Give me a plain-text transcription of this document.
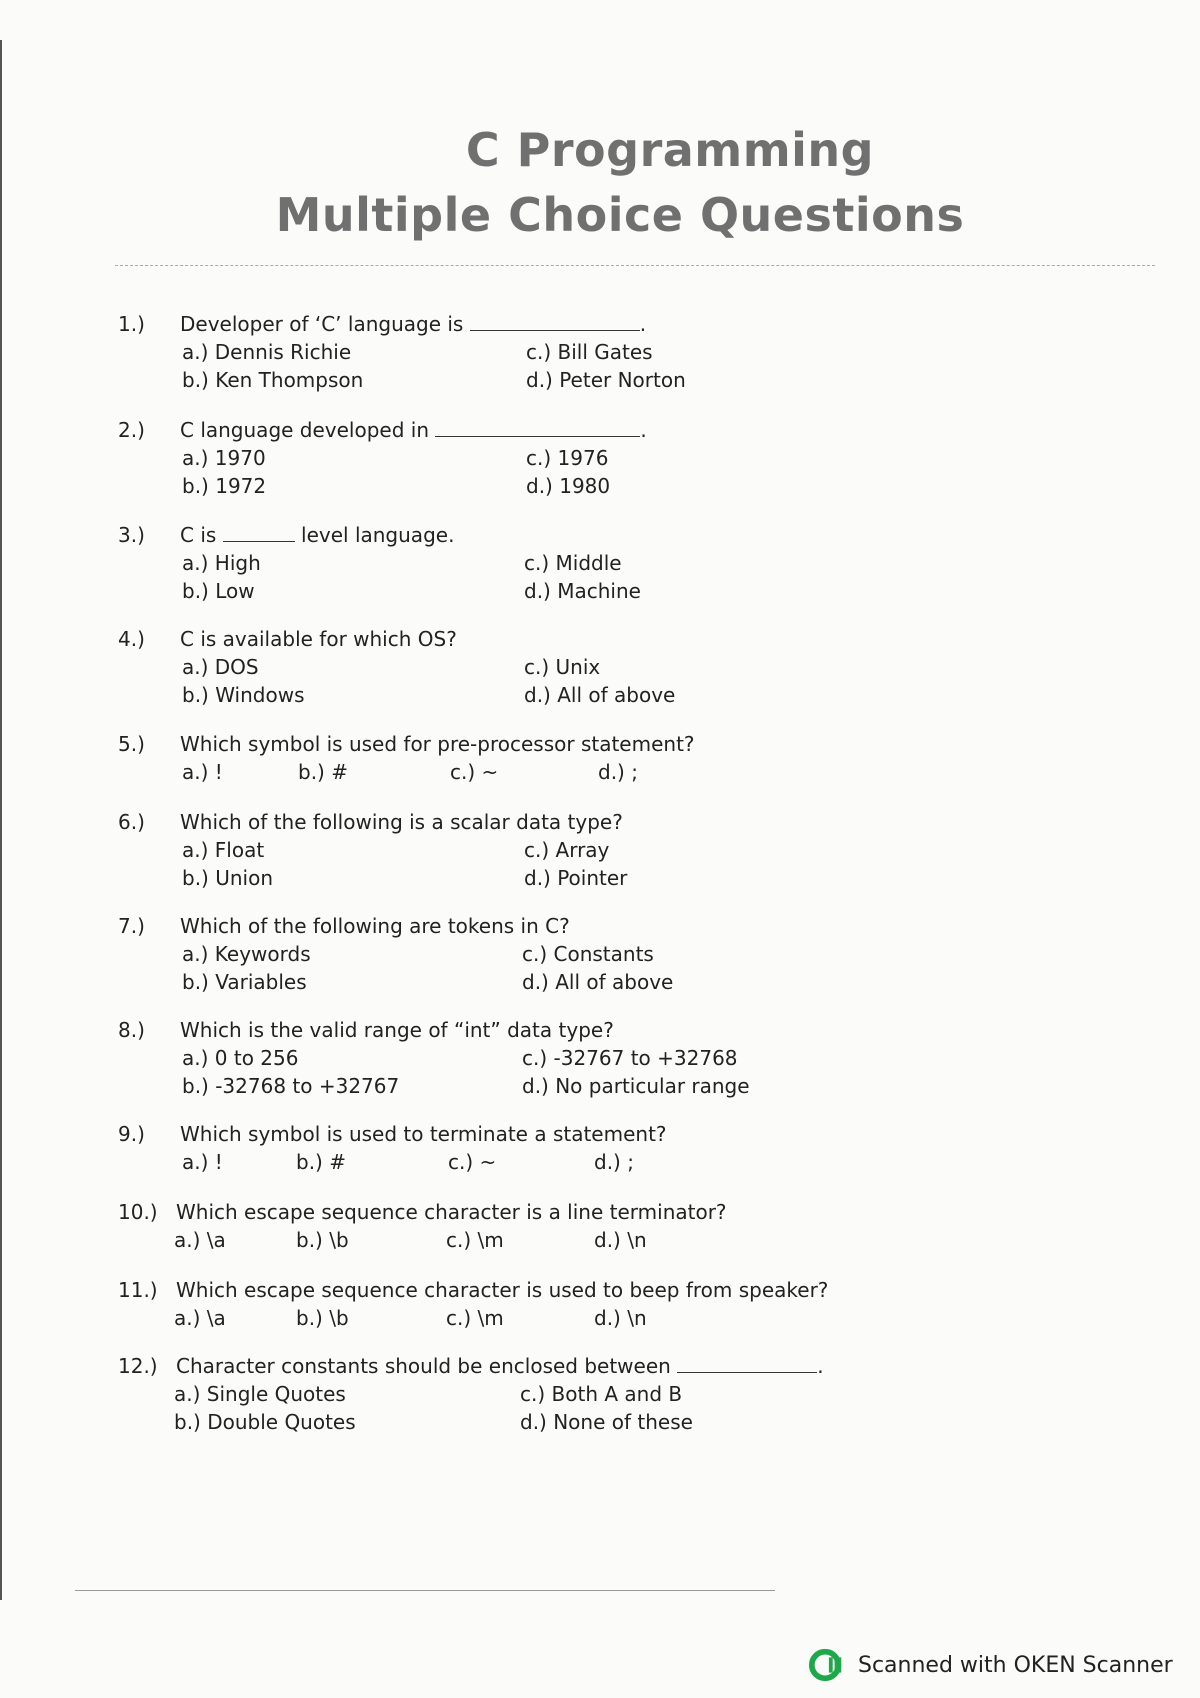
C Programming
Multiple Choice Questions
1.) Developer of ‘C’ language is	.
a.) Dennis Richie
b.) Ken Thompson
c.) Bill Gates
d.) Peter Norton
2.) C language developed in	.
a.) 1970
b.) 1972
c.) 1976
d.) 1980
3.) C is	level language.
a.) High
b.) Low
c.) Middle
d.) Machine
4.) C is available for which OS?
a.) DOS
b.) Windows
c.) Unix
d.) All of above
5.) Which symbol is used for pre-processor statement?
a.) !	b.) #	c.) ~	d.) ;
6.) Which of the following is a scalar data type?
a.) Float
b.) Union
c.) Array
d.) Pointer
7.) Which of the following are tokens in C?
a.) Keywords
b.) Variables
c.) Constants
d.) All of above
8.) Which is the valid range of “int” data type?
a.) 0 to 256
b.) -32768 to +32767
c.) -32767 to +32768
d.) No particular range
9.) Which symbol is used to terminate a statement?
a.) !	b.) #	c.) ~	d.) ;
10.) Which escape sequence character is a line terminator?
a.) \a	b.) \b	c.) \m	d.) \n
11.) Which escape sequence character is used to beep from speaker?
a.) \a	b.) \b	c.) \m	d.) \n
12.) Character constants should be enclosed between	.
a.) Single Quotes
b.) Double Quotes
c.) Both A and B
d.) None of these
Scanned with OKEN Scanner
